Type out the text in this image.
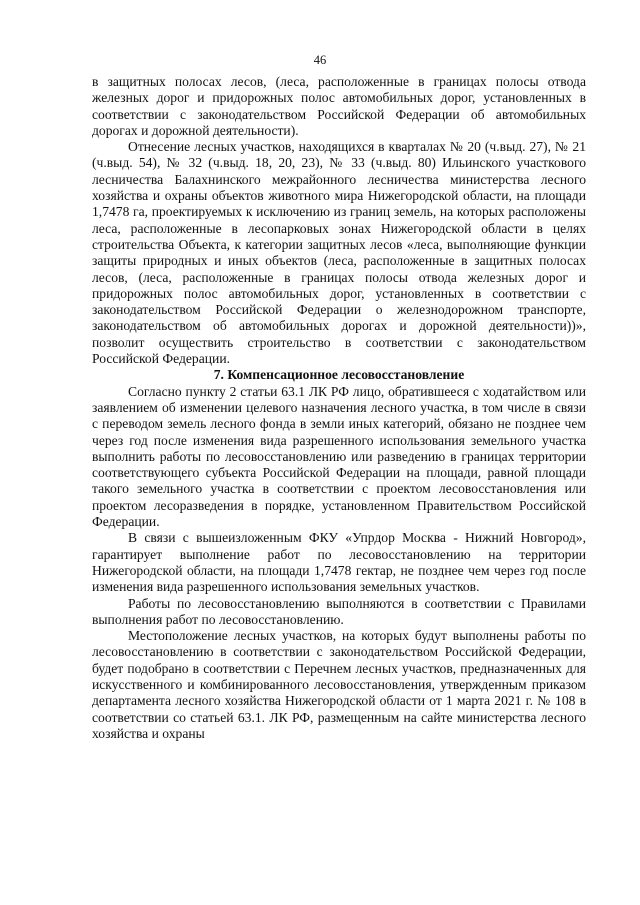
46

в защитных полосах лесов, (леса, расположенные в границах полосы отвода железных дорог и придорожных полос автомобильных дорог, установленных в соответствии с законодательством Российской Федерации об автомобильных дорогах и дорожной деятельности).

Отнесение лесных участков, находящихся в кварталах № 20 (ч.выд. 27), № 21 (ч.выд. 54), № 32 (ч.выд. 18, 20, 23), № 33 (ч.выд. 80) Ильинского участкового лесничества Балахнинского межрайонного лесничества министерства лесного хозяйства и охраны объектов животного мира Нижегородской области, на площади 1,7478 га, проектируемых к исключению из границ земель, на которых расположены леса, расположенные в лесопарковых зонах Нижегородской области в целях строительства Объекта, к категории защитных лесов «леса, выполняющие функции защиты природных и иных объектов (леса, расположенные в защитных полосах лесов, (леса, расположенные в границах полосы отвода железных дорог и придорожных полос автомобильных дорог, установленных в соответствии с законодательством Российской Федерации о железнодорожном транспорте, законодательством об автомобильных дорогах и дорожной деятельности))», позволит осуществить строительство в соответствии с законодательством Российской Федерации.

7. Компенсационное лесовосстановление

Согласно пункту 2 статьи 63.1 ЛК РФ лицо, обратившееся с ходатайством или заявлением об изменении целевого назначения лесного участка, в том числе в связи с переводом земель лесного фонда в земли иных категорий, обязано не позднее чем через год после изменения вида разрешенного использования земельного участка выполнить работы по лесовосстановлению или разведению в границах территории соответствующего субъекта Российской Федерации на площади, равной площади такого земельного участка в соответствии с проектом лесовосстановления или проектом лесоразведения в порядке, установленном Правительством Российской Федерации.

В связи с вышеизложенным ФКУ «Упрдор Москва - Нижний Новгород», гарантирует выполнение работ по лесовосстановлению на территории Нижегородской области, на площади 1,7478 гектар, не позднее чем через год после изменения вида разрешенного использования земельных участков.

Работы по лесовосстановлению выполняются в соответствии с Правилами выполнения работ по лесовосстановлению.

Местоположение лесных участков, на которых будут выполнены работы по лесовосстановлению в соответствии с законодательством Российской Федерации, будет подобрано в соответствии с Перечнем лесных участков, предназначенных для искусственного и комбинированного лесовосстановления, утвержденным приказом департамента лесного хозяйства Нижегородской области от 1 марта 2021 г. № 108 в соответствии со статьей 63.1. ЛК РФ, размещенным на сайте министерства лесного хозяйства и охраны
